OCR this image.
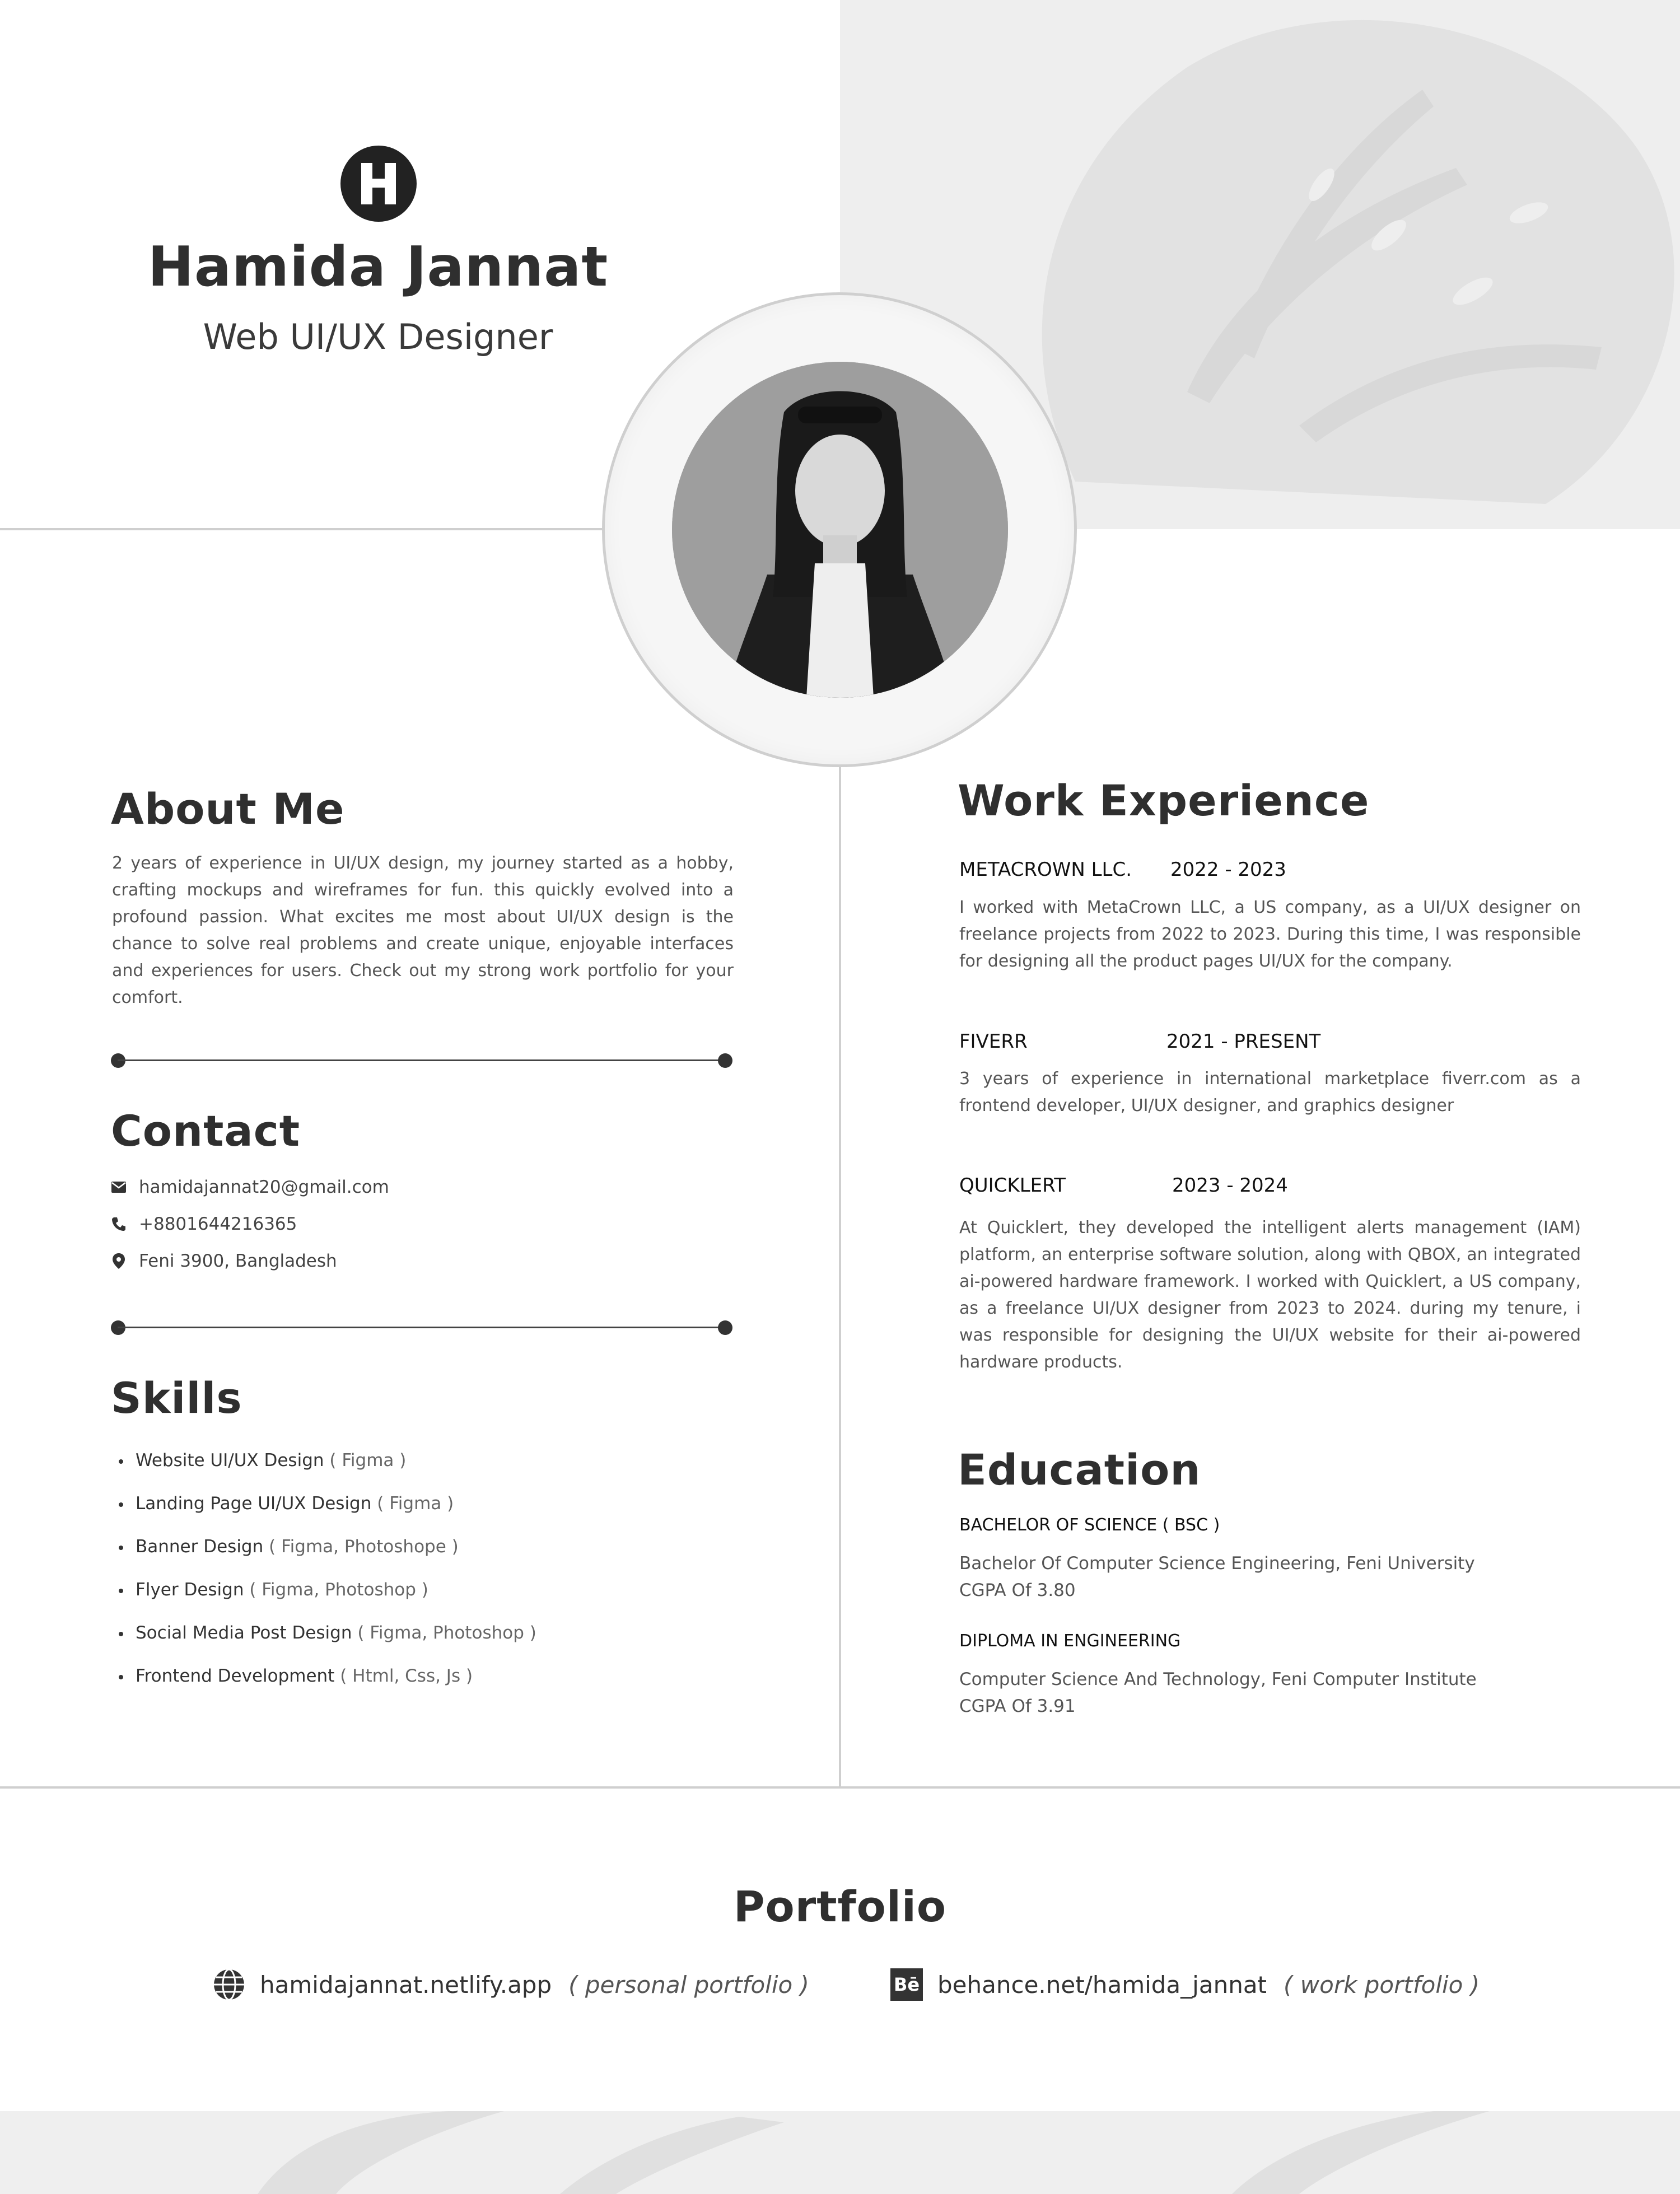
Hamida Jannat
Web UI/UX Designer
About Me
2 years of experience in UI/UX design, my journey started as a hobby, crafting mockups and wireframes for fun. this quickly evolved into a profound passion. What excites me most about UI/UX design is the chance to solve real problems and create unique, enjoyable interfaces and experiences for users. Check out my strong work portfolio for your comfort.
Contact
hamidajannat20@gmail.com
+8801644216365
Feni 3900, Bangladesh
Skills
Website UI/UX Design ( Figma )
Landing Page UI/UX Design ( Figma )
Banner Design ( Figma, Photoshope )
Flyer Design ( Figma, Photoshop )
Social Media Post Design ( Figma, Photoshop )
Frontend Development ( Html, Css, Js )
Work Experience
METACROWN LLC. 2022 - 2023
I worked with MetaCrown LLC, a US company, as a UI/UX designer on freelance projects from 2022 to 2023. During this time, I was responsible for designing all the product pages UI/UX for the company.
FIVERR	2021 - PRESENT
3 years of experience in international marketplace fiverr.com as a frontend developer, UI/UX designer, and graphics designer
QUICKLERT	2023 - 2024
At Quicklert, they developed the intelligent alerts management (IAM) platform, an enterprise software solution, along with QBOX, an integrated ai-powered hardware framework. I worked with Quicklert, a US company, as a freelance UI/UX designer from 2023 to 2024. during my tenure, i was responsible for designing the UI/UX website for their ai-powered hardware products.
Education
BACHELOR OF SCIENCE ( BSC )
Bachelor Of Computer Science Engineering, Feni University
CGPA Of 3.80
DIPLOMA IN ENGINEERING
Computer Science And Technology, Feni Computer Institute
CGPA Of 3.91
Portfolio
hamidajannat.netlify.app ( personal portfolio )	Bē behance.net/hamida_jannat ( work portfolio )
